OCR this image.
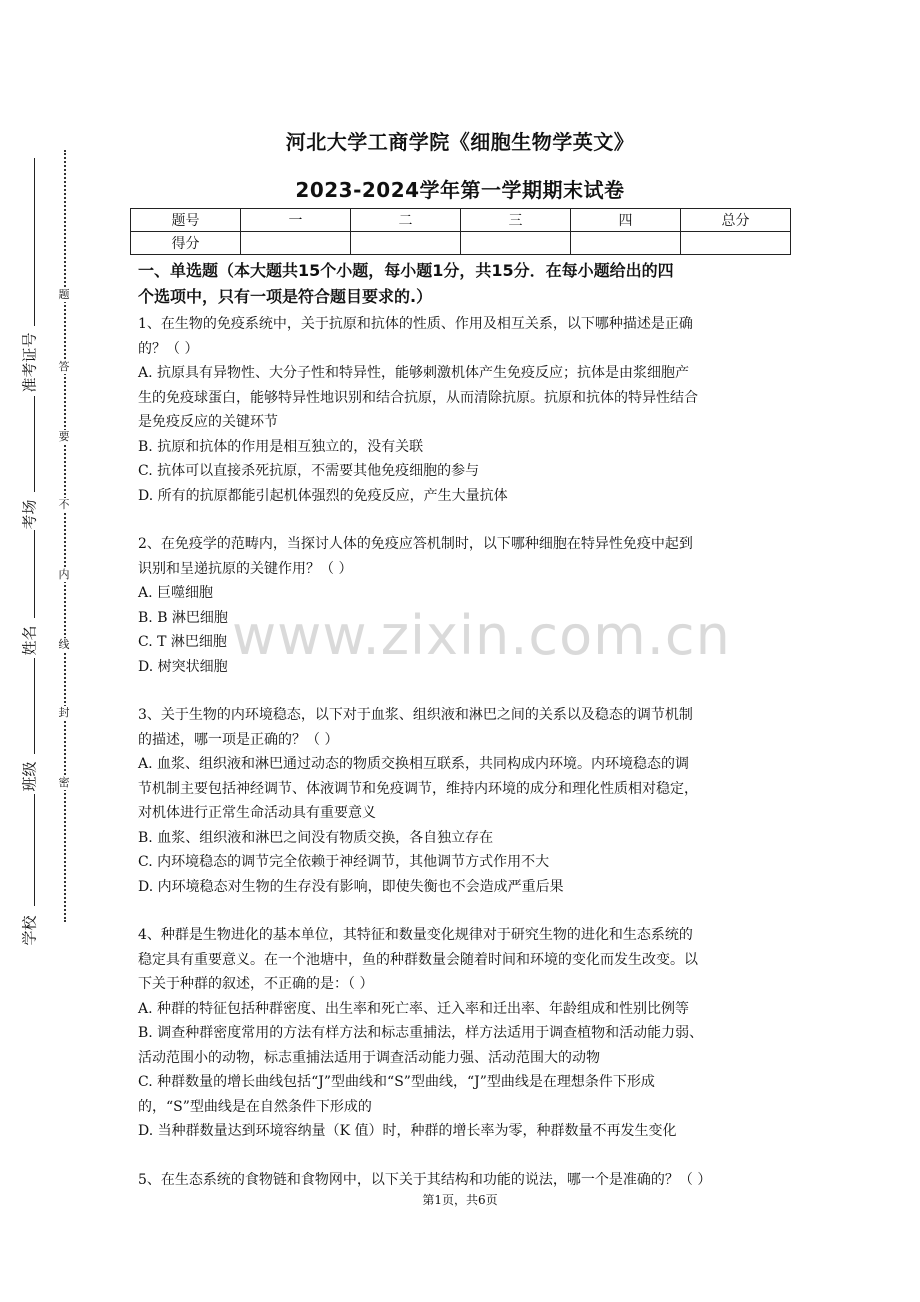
题
答
要
不
内
线
封
密
准考证号
考场
姓名
班级
学校
河北大学工商学院《细胞生物学英文》
2023-2024学年第一学期期末试卷
题号	一	二	三	四	总分
得分					
一、单选题（本大题共15个小题，每小题1分，共15分．在每小题给出的四
个选项中，只有一项是符合题目要求的.）

1、在生物的免疫系统中，关于抗原和抗体的性质、作用及相互关系，以下哪种描述是正确

的？（ ）

A. 抗原具有异物性、大分子性和特异性，能够刺激机体产生免疫反应；抗体是由浆细胞产

生的免疫球蛋白，能够特异性地识别和结合抗原，从而清除抗原。抗原和抗体的特异性结合

是免疫反应的关键环节

B. 抗原和抗体的作用是相互独立的，没有关联

C. 抗体可以直接杀死抗原，不需要其他免疫细胞的参与

D. 所有的抗原都能引起机体强烈的免疫反应，产生大量抗体

2、在免疫学的范畴内，当探讨人体的免疫应答机制时，以下哪种细胞在特异性免疫中起到

识别和呈递抗原的关键作用？（ ）

A. 巨噬细胞

B. B 淋巴细胞

C. T 淋巴细胞

D. 树突状细胞

3、关于生物的内环境稳态，以下对于血浆、组织液和淋巴之间的关系以及稳态的调节机制

的描述，哪一项是正确的？（ ）

A. 血浆、组织液和淋巴通过动态的物质交换相互联系，共同构成内环境。内环境稳态的调

节机制主要包括神经调节、体液调节和免疫调节，维持内环境的成分和理化性质相对稳定，

对机体进行正常生命活动具有重要意义

B. 血浆、组织液和淋巴之间没有物质交换，各自独立存在

C. 内环境稳态的调节完全依赖于神经调节，其他调节方式作用不大

D. 内环境稳态对生物的生存没有影响，即使失衡也不会造成严重后果

4、种群是生物进化的基本单位，其特征和数量变化规律对于研究生物的进化和生态系统的

稳定具有重要意义。在一个池塘中，鱼的种群数量会随着时间和环境的变化而发生改变。以

下关于种群的叙述，不正确的是：（ ）

A. 种群的特征包括种群密度、出生率和死亡率、迁入率和迁出率、年龄组成和性别比例等

B. 调查种群密度常用的方法有样方法和标志重捕法，样方法适用于调查植物和活动能力弱、

活动范围小的动物，标志重捕法适用于调查活动能力强、活动范围大的动物

C. 种群数量的增长曲线包括“J”型曲线和“S”型曲线，“J”型曲线是在理想条件下形成

的，“S”型曲线是在自然条件下形成的

D. 当种群数量达到环境容纳量（K 值）时，种群的增长率为零，种群数量不再发生变化

5、在生态系统的食物链和食物网中，以下关于其结构和功能的说法，哪一个是准确的？（ ）

www.zixin.com.cn
第1页，共6页
